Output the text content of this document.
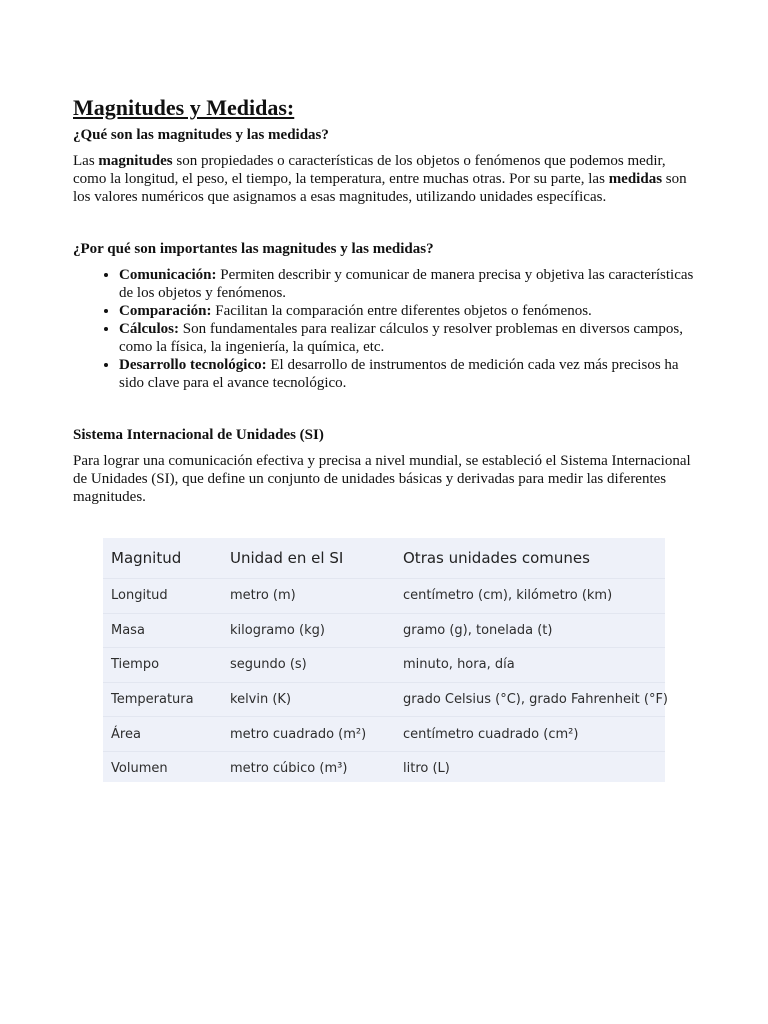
Magnitudes y Medidas:
¿Qué son las magnitudes y las medidas?

Las magnitudes son propiedades o características de los objetos o fenómenos que podemos medir, como la longitud, el peso, el tiempo, la temperatura, entre muchas otras. Por su parte, las medidas son los valores numéricos que asignamos a esas magnitudes, utilizando unidades específicas.

¿Por qué son importantes las magnitudes y las medidas?
• Comunicación: Permiten describir y comunicar de manera precisa y objetiva las características de los objetos y fenómenos.
• Comparación: Facilitan la comparación entre diferentes objetos o fenómenos.
• Cálculos: Son fundamentales para realizar cálculos y resolver problemas en diversos campos, como la física, la ingeniería, la química, etc.
• Desarrollo tecnológico: El desarrollo de instrumentos de medición cada vez más precisos ha sido clave para el avance tecnológico.
Sistema Internacional de Unidades (SI)

Para lograr una comunicación efectiva y precisa a nivel mundial, se estableció el Sistema Internacional de Unidades (SI), que define un conjunto de unidades básicas y derivadas para medir las diferentes magnitudes.

Magnitud	Unidad en el SI	Otras unidades comunes
Longitud	metro (m)	centímetro (cm), kilómetro (km)
Masa	kilogramo (kg)	gramo (g), tonelada (t)
Tiempo	segundo (s)	minuto, hora, día
Temperatura	kelvin (K)	grado Celsius (°C), grado Fahrenheit (°F)
Área	metro cuadrado (m²)	centímetro cuadrado (cm²)
Volumen	metro cúbico (m³)	litro (L)
